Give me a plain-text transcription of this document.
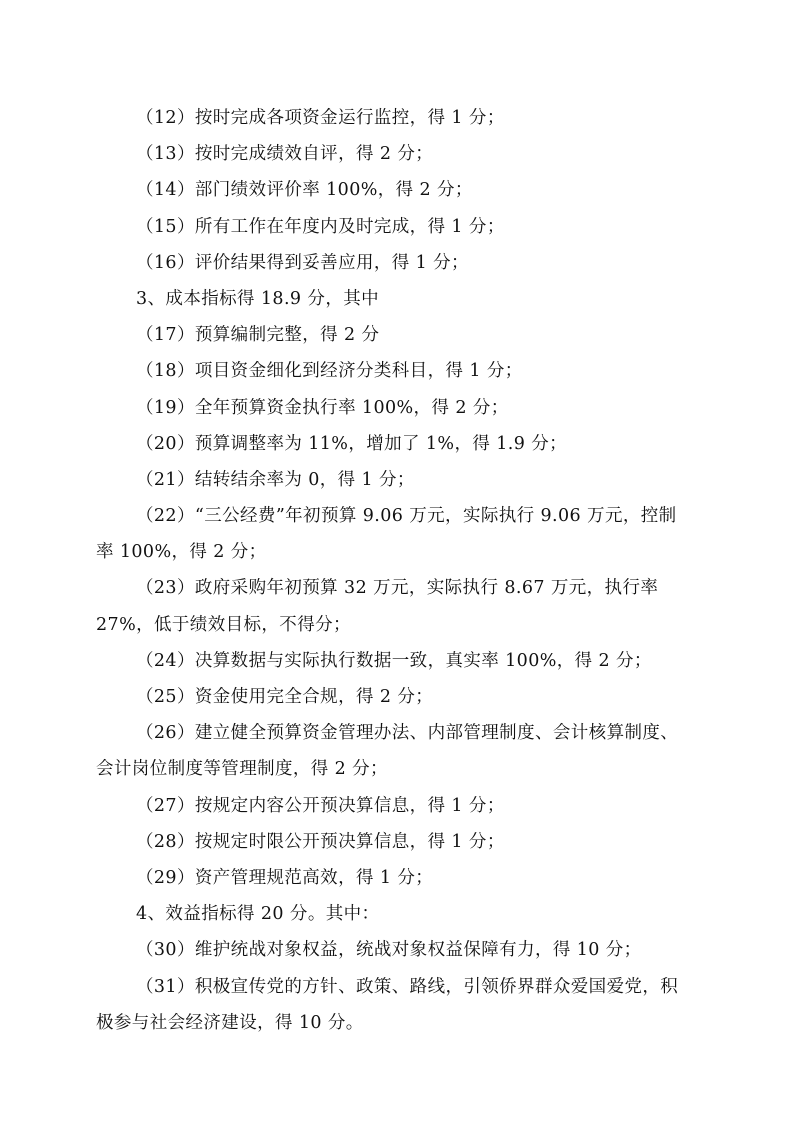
（12）按时完成各项资金运行监控，得 1 分；
（13）按时完成绩效自评，得 2 分；
（14）部门绩效评价率 100%，得 2 分；
（15）所有工作在年度内及时完成，得 1 分；
（16）评价结果得到妥善应用，得 1 分；
3、成本指标得 18.9 分，其中
（17）预算编制完整，得 2 分
（18）项目资金细化到经济分类科目，得 1 分；
（19）全年预算资金执行率 100%，得 2 分；
（20）预算调整率为 11%，增加了 1%，得 1.9 分；
（21）结转结余率为 0，得 1 分；
（22）“三公经费”年初预算 9.06 万元，实际执行 9.06 万元，控制
率 100%，得 2 分；
（23）政府采购年初预算 32 万元，实际执行 8.67 万元，执行率
27%，低于绩效目标，不得分；
（24）决算数据与实际执行数据一致，真实率 100%，得 2 分；
（25）资金使用完全合规，得 2 分；
（26）建立健全预算资金管理办法、内部管理制度、会计核算制度、
会计岗位制度等管理制度，得 2 分；
（27）按规定内容公开预决算信息，得 1 分；
（28）按规定时限公开预决算信息，得 1 分；
（29）资产管理规范高效，得 1 分；
4、效益指标得 20 分。其中：
（30）维护统战对象权益，统战对象权益保障有力，得 10 分；
（31）积极宣传党的方针、政策、路线，引领侨界群众爱国爱党，积
极参与社会经济建设，得 10 分。
